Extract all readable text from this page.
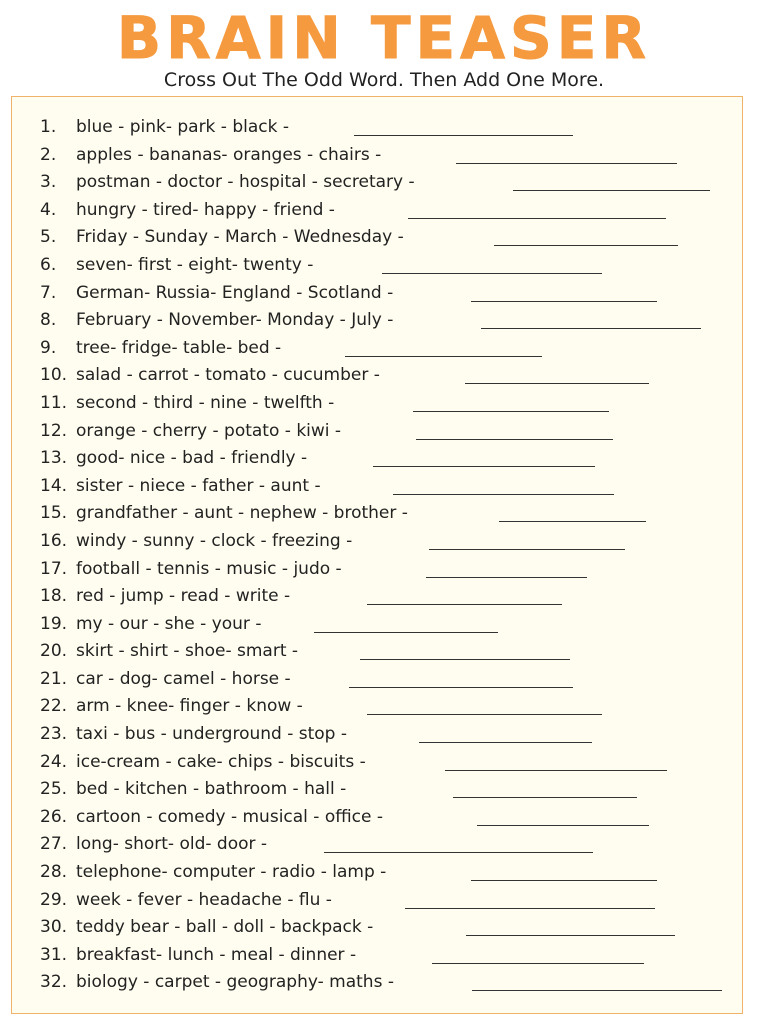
BRAIN TEASER

Cross Out The Odd Word. Then Add One More.

1.	blue - pink- park - black -
2.	apples - bananas- oranges - chairs -
3.	postman - doctor - hospital - secretary -
4.	hungry - tired- happy - friend -
5.	Friday - Sunday - March - Wednesday -
6.	seven- first - eight- twenty -
7.	German- Russia- England - Scotland -
8.	February - November- Monday - July -
9.	tree- fridge- table- bed -
10. salad - carrot - tomato - cucumber -
11. second - third - nine - twelfth -
12. orange - cherry - potato - kiwi -
13. good- nice - bad - friendly -
14. sister - niece - father - aunt -
15. grandfather - aunt - nephew - brother -
16. windy - sunny - clock - freezing -
17. football - tennis - music - judo -
18. red - jump - read - write -
19. my - our - she - your -
20. skirt - shirt - shoe- smart -
21. car - dog- camel - horse -
22. arm - knee- finger - know -
23. taxi - bus - underground - stop -
24. ice-cream - cake- chips - biscuits -
25. bed - kitchen - bathroom - hall -
26. cartoon - comedy - musical - office -
27. long- short- old- door -
28. telephone- computer - radio - lamp -
29. week - fever - headache - flu -
30. teddy bear - ball - doll - backpack -
31. breakfast- lunch - meal - dinner -
32. biology - carpet - geography- maths -
